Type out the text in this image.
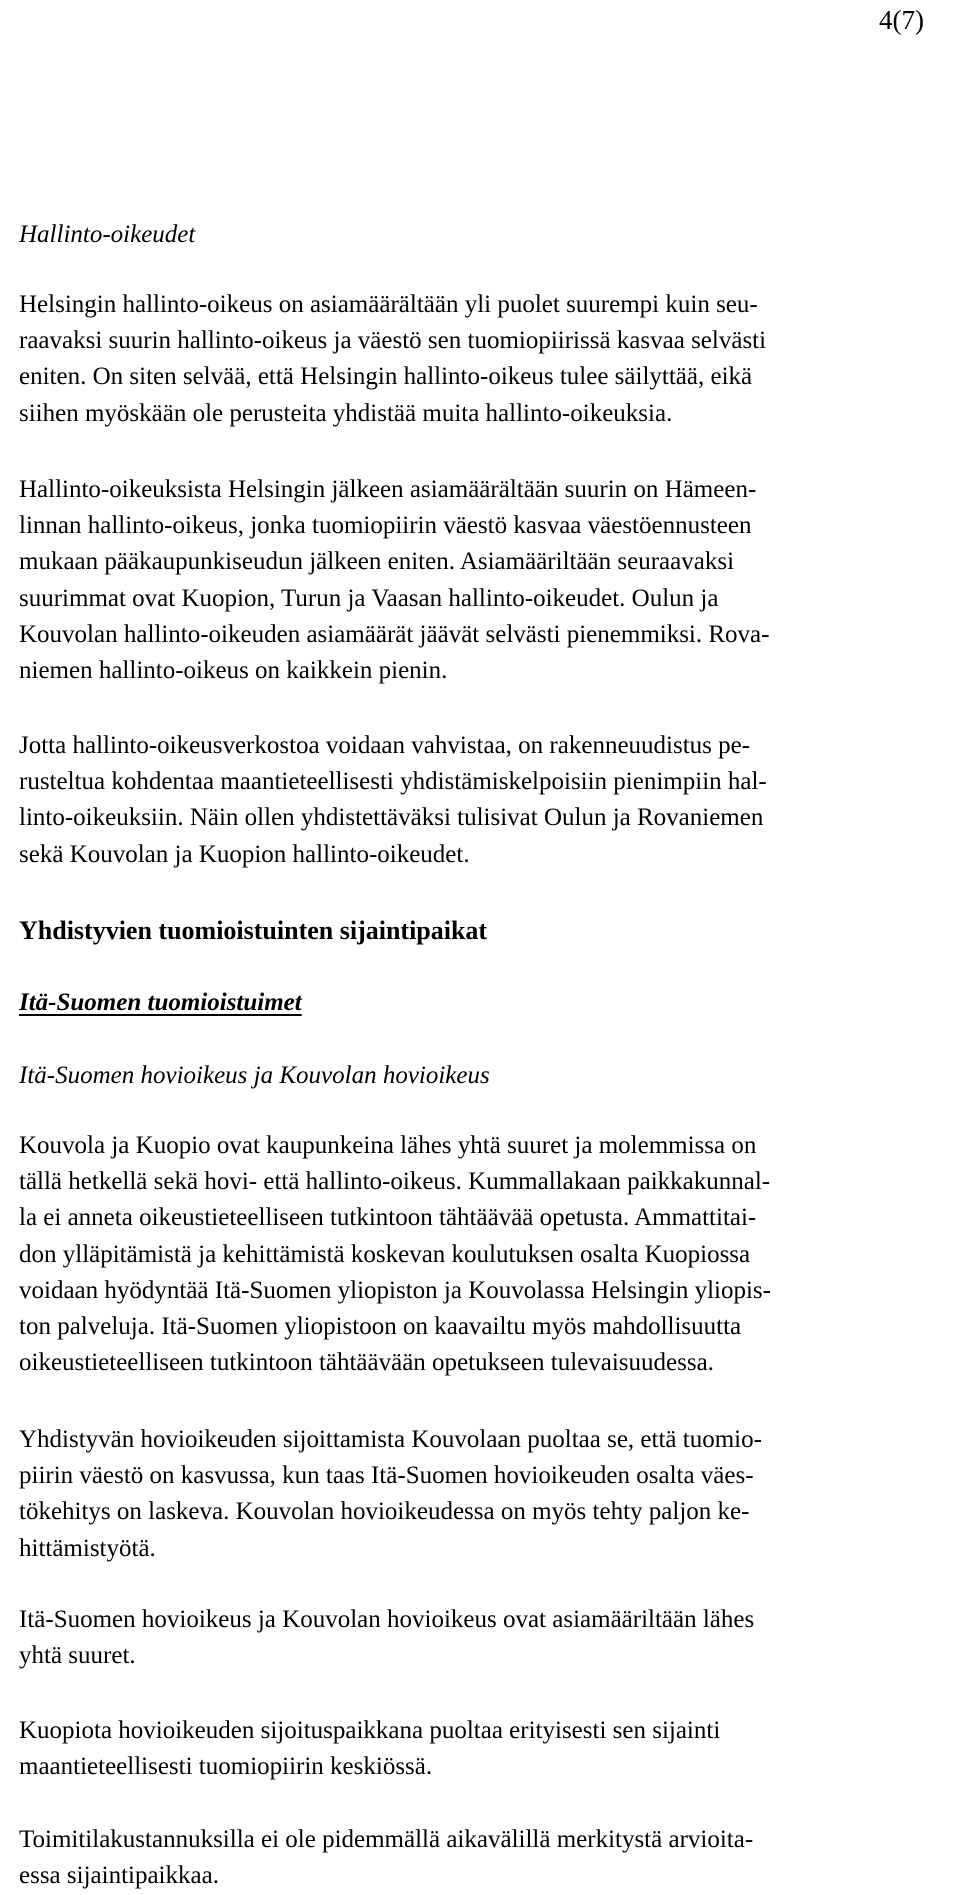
4(7)

Hallinto-oikeudet

Helsingin hallinto-oikeus on asiamäärältään yli puolet suurempi kuin seu-
raavaksi suurin hallinto-oikeus ja väestö sen tuomiopiirissä kasvaa selvästi
eniten. On siten selvää, että Helsingin hallinto-oikeus tulee säilyttää, eikä
siihen myöskään ole perusteita yhdistää muita hallinto-oikeuksia.

Hallinto-oikeuksista Helsingin jälkeen asiamäärältään suurin on Hämeen-
linnan hallinto-oikeus, jonka tuomiopiirin väestö kasvaa väestöennusteen
mukaan pääkaupunkiseudun jälkeen eniten. Asiamääriltään seuraavaksi
suurimmat ovat Kuopion, Turun ja Vaasan hallinto-oikeudet. Oulun ja
Kouvolan hallinto-oikeuden asiamäärät jäävät selvästi pienemmiksi. Rova-
niemen hallinto-oikeus on kaikkein pienin.

Jotta hallinto-oikeusverkostoa voidaan vahvistaa, on rakenneuudistus pe-
rusteltua kohdentaa maantieteellisesti yhdistämiskelpoisiin pienimpiin hal-
linto-oikeuksiin. Näin ollen yhdistettäväksi tulisivat Oulun ja Rovaniemen
sekä Kouvolan ja Kuopion hallinto-oikeudet.

Yhdistyvien tuomioistuinten sijaintipaikat

Itä-Suomen tuomioistuimet

Itä-Suomen hovioikeus ja Kouvolan hovioikeus

Kouvola ja Kuopio ovat kaupunkeina lähes yhtä suuret ja molemmissa on
tällä hetkellä sekä hovi- että hallinto-oikeus. Kummallakaan paikkakunnal-
la ei anneta oikeustieteelliseen tutkintoon tähtäävää opetusta. Ammattitai-
don ylläpitämistä ja kehittämistä koskevan koulutuksen osalta Kuopiossa
voidaan hyödyntää Itä-Suomen yliopiston ja Kouvolassa Helsingin yliopis-
ton palveluja. Itä-Suomen yliopistoon on kaavailtu myös mahdollisuutta
oikeustieteelliseen tutkintoon tähtäävään opetukseen tulevaisuudessa.

Yhdistyvän hovioikeuden sijoittamista Kouvolaan puoltaa se, että tuomio-
piirin väestö on kasvussa, kun taas Itä-Suomen hovioikeuden osalta väes-
tökehitys on laskeva. Kouvolan hovioikeudessa on myös tehty paljon ke-
hittämistyötä.

Itä-Suomen hovioikeus ja Kouvolan hovioikeus ovat asiamääriltään lähes
yhtä suuret.

Kuopiota hovioikeuden sijoituspaikkana puoltaa erityisesti sen sijainti
maantieteellisesti tuomiopiirin keskiössä.

Toimitilakustannuksilla ei ole pidemmällä aikavälillä merkitystä arvioita-
essa sijaintipaikkaa.
